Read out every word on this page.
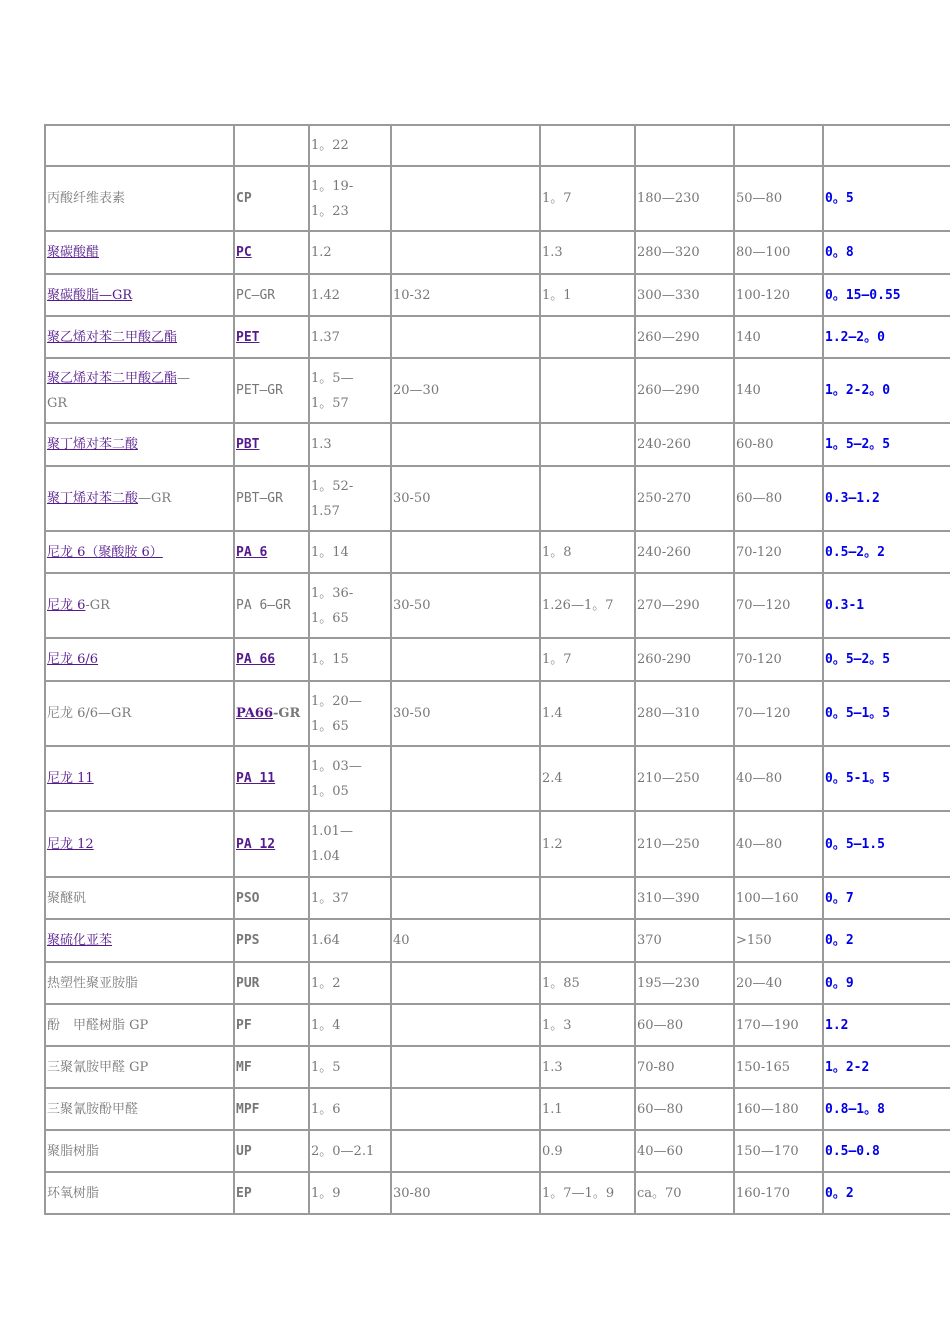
		1。22					
丙酸纤维表素	CP	1。19-
1。23		1。7	180—230	50—80	0。5
聚碳酸醋	PC	1.2		1.3	280—320	80—100	0。8
聚碳酸脂—GR	PC—GR	1.42	10-32	1。1	300—330	100-120	0。15—0.55
聚乙烯对苯二甲酸乙酯	PET	1.37			260—290	140	1.2—2。0
聚乙烯对苯二甲酸乙酯—
GR	PET—GR	1。5—
1。57	20—30		260—290	140	1。2-2。0
聚丁烯对苯二酸	PBT	1.3			240-260	60-80	1。5—2。5
聚丁烯对苯二酸—GR	PBT—GR	1。52-
1.57	30-50		250-270	60—80	0.3—1.2
尼龙 6（聚酸胺 6）	PA 6	1。14		1。8	240-260	70-120	0.5—2。2
尼龙 6-GR	PA 6—GR	1。36-
1。65	30-50	1.26—1。7	270—290	70—120	0.3-1
尼龙 6/6	PA 66	1。15		1。7	260-290	70-120	0。5—2。5
尼龙 6/6—GR	PA66-GR	1。20—
1。65	30-50	1.4	280—310	70—120	0。5—1。5
尼龙 11	PA 11	1。03—
1。05		2.4	210—250	40—80	0。5-1。5
尼龙 12	PA 12	1.01—
1.04		1.2	210—250	40—80	0。5—1.5
聚醚矾	PSO	1。37			310—390	100—160	0。7
聚硫化亚苯	PPS	1.64	40		370	>150	0。2
热塑性聚亚胺脂	PUR	1。2		1。85	195—230	20—40	0。9
酚　甲醛树脂 GP	PF	1。4		1。3	60—80	170—190	1.2
三聚氰胺甲醛 GP	MF	1。5		1.3	70-80	150-165	1。2-2
三聚氰胺酚甲醛	MPF	1。6		1.1	60—80	160—180	0.8—1。8
聚脂树脂	UP	2。0—2.1		0.9	40—60	150—170	0.5—0.8
环氧树脂	EP	1。9	30-80	1。7—1。9	ca。70	160-170	0。2
